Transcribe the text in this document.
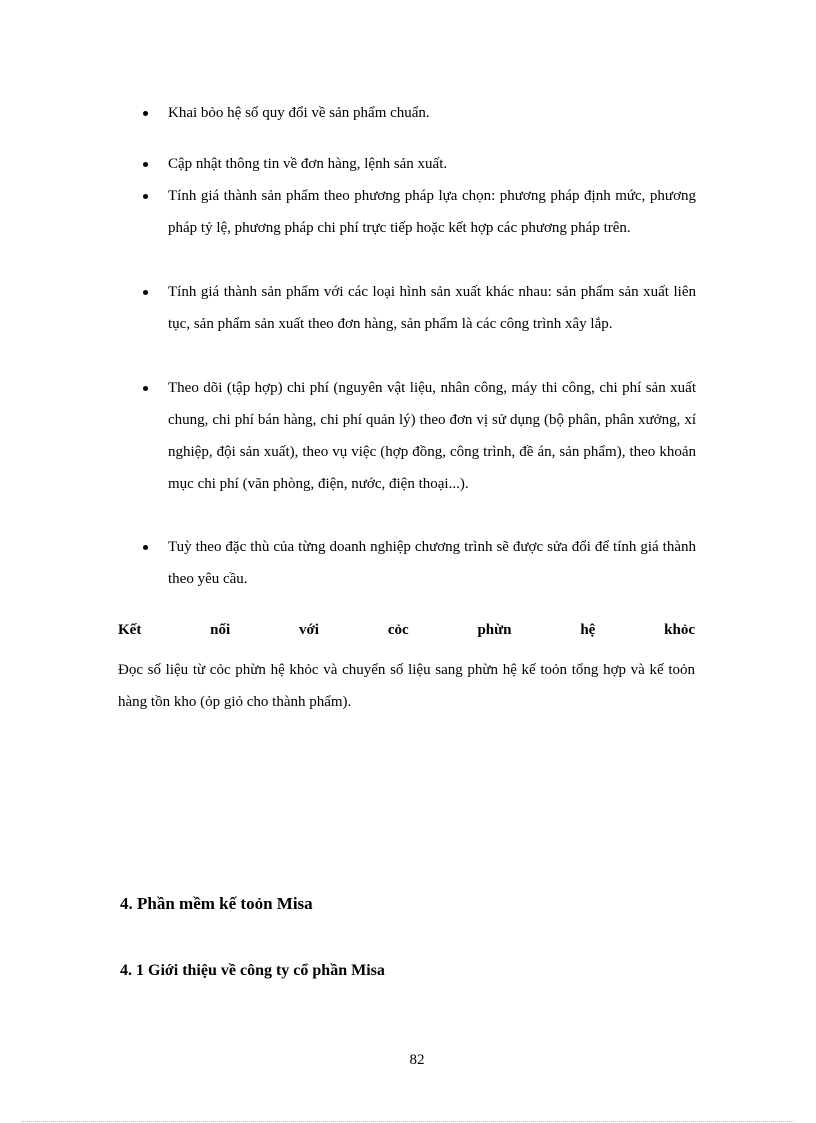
Khai bỏo hệ số quy đổi về sản phẩm chuẩn.
Cập nhật thông tin về đơn hàng, lệnh sản xuất.
Tính giá thành sản phẩm theo phương pháp lựa chọn: phương pháp định mức, phương pháp tỷ lệ, phương pháp chi phí trực tiếp hoặc kết hợp các phương pháp trên.
Tính giá thành sản phẩm với các loại hình sản xuất khác nhau: sản phẩm sản xuất liên tục, sản phẩm sản xuất theo đơn hàng, sản phẩm là các công trình xây lắp.
Theo dõi (tập hợp) chi phí (nguyên vật liệu, nhân công, máy thi công, chi phí sản xuất chung, chi phí bán hàng, chi phí quản lý) theo đơn vị sử dụng (bộ phân, phân xưởng, xí nghiệp, đội sản xuất), theo vụ việc (hợp đồng, công trình, đề án, sản phẩm), theo khoản mục chi phí (văn phòng, điện, nước, điện thoại...).
Tuỳ theo đặc thù của từng doanh nghiệp chương trình sẽ được sửa đổi để tính giá thành theo yêu cầu.
Kết	nối	với	cỏc	phừn	hệ	khỏc
Đọc số liệu từ cỏc phừn hệ khỏc và chuyển số liệu sang phừn hệ kế toỏn tổng hợp và kế toỏn hàng tồn kho (ỏp giỏ cho thành phẩm).
4. Phần mềm kế toỏn Misa
4. 1 Giới thiệu về công ty cổ phần Misa
82
